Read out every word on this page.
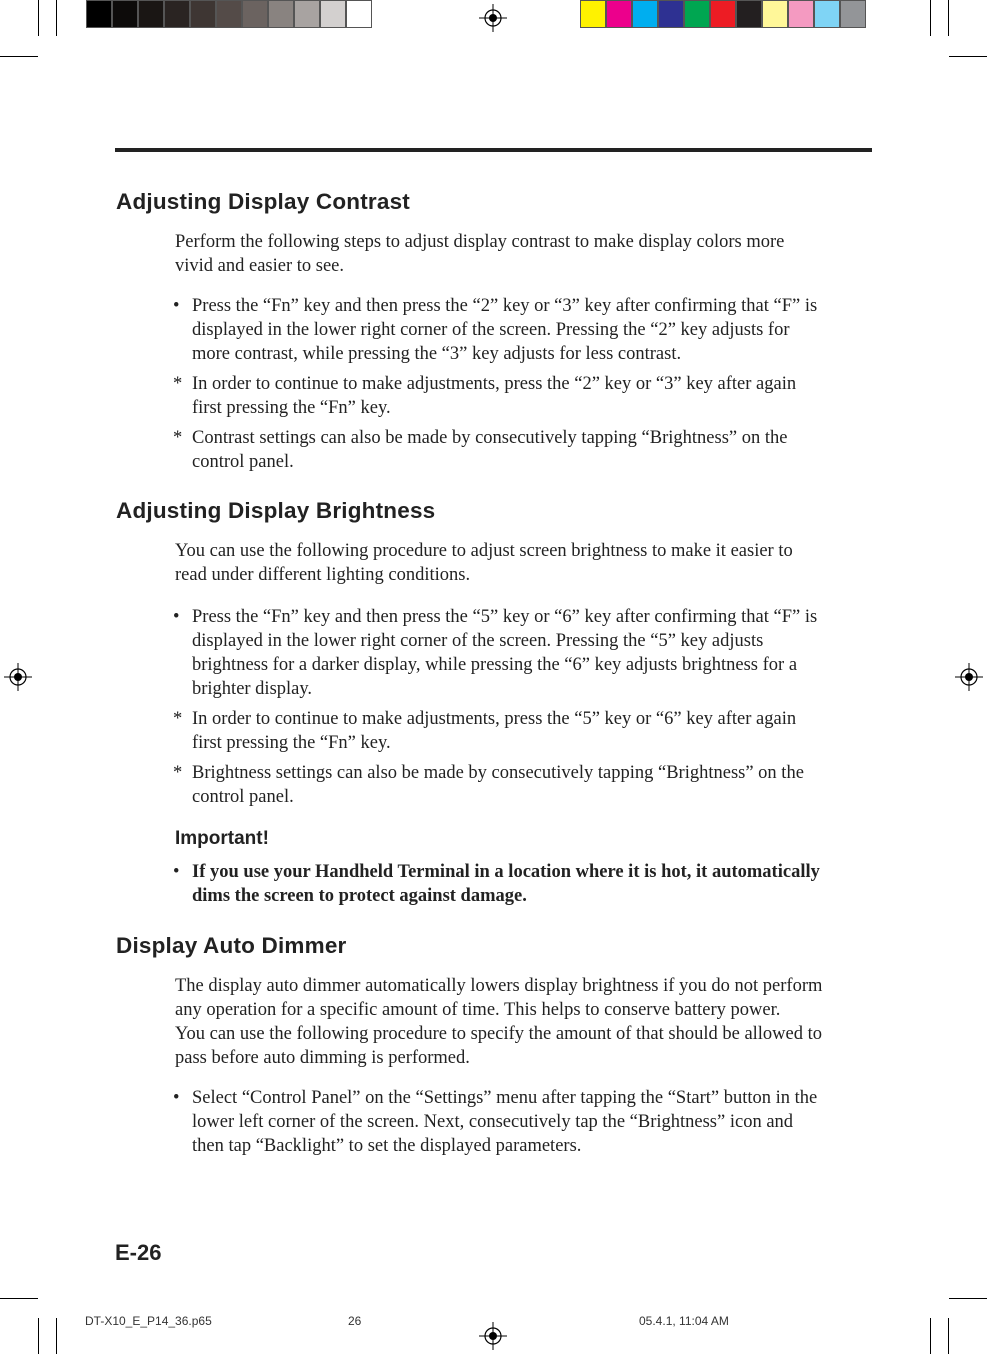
Adjusting Display Contrast
Perform the following steps to adjust display contrast to make display colors more
vivid and easier to see.
• Press the “Fn” key and then press the “2” key or “3” key after confirming that “F” is
displayed in the lower right corner of the screen. Pressing the “2” key adjusts for
more contrast, while pressing the “3” key adjusts for less contrast.
* In order to continue to make adjustments, press the “2” key or “3” key after again
first pressing the “Fn” key.
* Contrast settings can also be made by consecutively tapping “Brightness” on the
control panel.
Adjusting Display Brightness
You can use the following procedure to adjust screen brightness to make it easier to
read under different lighting conditions.
• Press the “Fn” key and then press the “5” key or “6” key after confirming that “F” is
displayed in the lower right corner of the screen. Pressing the “5” key adjusts
brightness for a darker display, while pressing the “6” key adjusts brightness for a
brighter display.
* In order to continue to make adjustments, press the “5” key or “6” key after again
first pressing the “Fn” key.
* Brightness settings can also be made by consecutively tapping “Brightness” on the
control panel.
Important!
• If you use your Handheld Terminal in a location where it is hot, it automatically
dims the screen to protect against damage.
Display Auto Dimmer
The display auto dimmer automatically lowers display brightness if you do not perform
any operation for a specific amount of time. This helps to conserve battery power.
You can use the following procedure to specify the amount of that should be allowed to
pass before auto dimming is performed.
• Select “Control Panel” on the “Settings” menu after tapping the “Start” button in the
lower left corner of the screen. Next, consecutively tap the “Brightness” icon and
then tap “Backlight” to set the displayed parameters.
E-26
DT-X10_E_P14_36.p65	26	05.4.1, 11:04 AM
